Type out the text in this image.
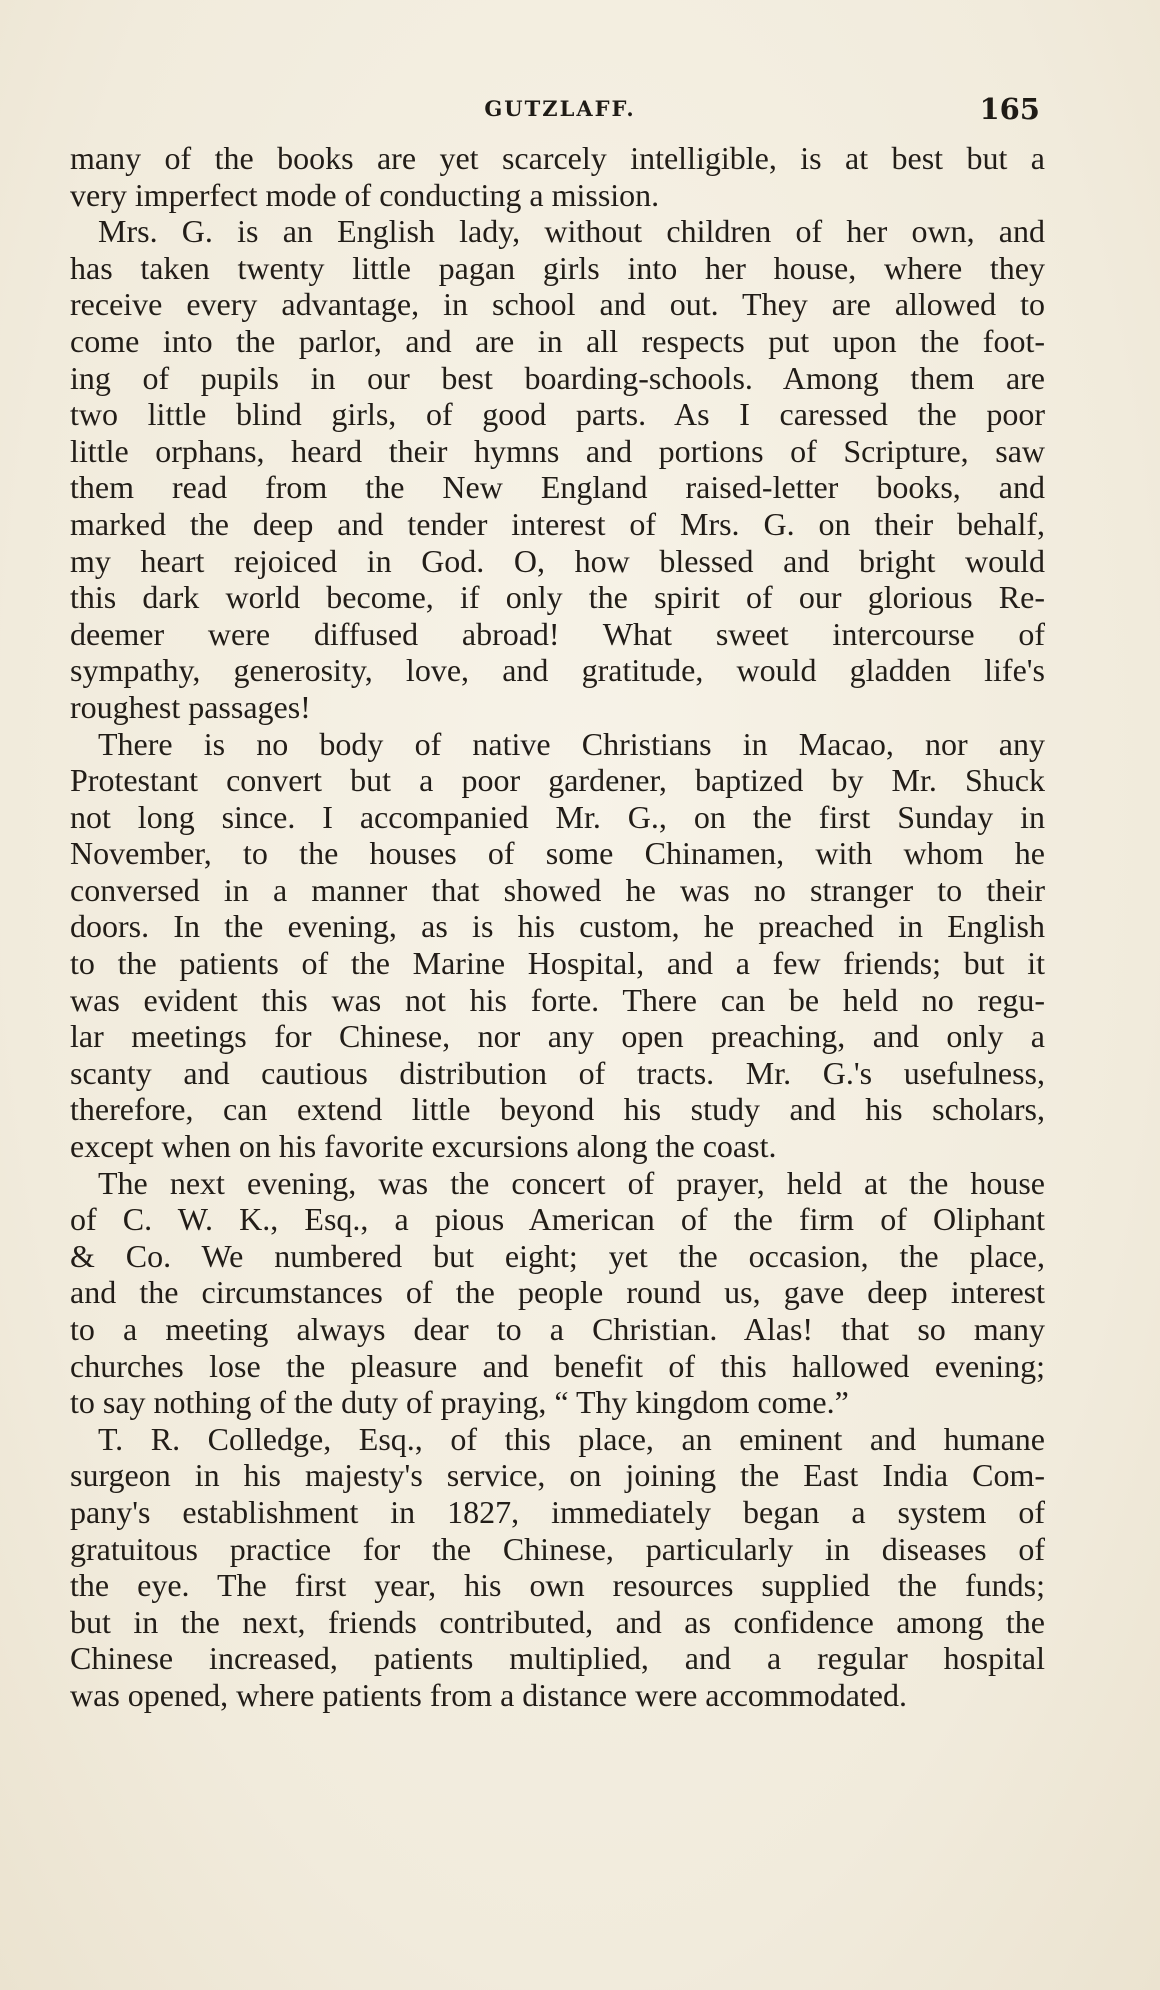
GUTZLAFF.	165
many of the books are yet scarcely intelligible, is at best but a
very imperfect mode of conducting a mission.
Mrs. G. is an English lady, without children of her own, and
has taken twenty little pagan girls into her house, where they
receive every advantage, in school and out. They are allowed to
come into the parlor, and are in all respects put upon the foot-
ing of pupils in our best boarding-schools. Among them are
two little blind girls, of good parts. As I caressed the poor
little orphans, heard their hymns and portions of Scripture, saw
them read from the New England raised-letter books, and
marked the deep and tender interest of Mrs. G. on their behalf,
my heart rejoiced in God. O, how blessed and bright would
this dark world become, if only the spirit of our glorious Re-
deemer were diffused abroad! What sweet intercourse of
sympathy, generosity, love, and gratitude, would gladden life's
roughest passages!
There is no body of native Christians in Macao, nor any
Protestant convert but a poor gardener, baptized by Mr. Shuck
not long since. I accompanied Mr. G., on the first Sunday in
November, to the houses of some Chinamen, with whom he
conversed in a manner that showed he was no stranger to their
doors. In the evening, as is his custom, he preached in English
to the patients of the Marine Hospital, and a few friends; but it
was evident this was not his forte. There can be held no regu-
lar meetings for Chinese, nor any open preaching, and only a
scanty and cautious distribution of tracts. Mr. G.'s usefulness,
therefore, can extend little beyond his study and his scholars,
except when on his favorite excursions along the coast.
The next evening, was the concert of prayer, held at the house
of C. W. K., Esq., a pious American of the firm of Oliphant
& Co. We numbered but eight; yet the occasion, the place,
and the circumstances of the people round us, gave deep interest
to a meeting always dear to a Christian. Alas! that so many
churches lose the pleasure and benefit of this hallowed evening;
to say nothing of the duty of praying, “ Thy kingdom come.”
T. R. Colledge, Esq., of this place, an eminent and humane
surgeon in his majesty's service, on joining the East India Com-
pany's establishment in 1827, immediately began a system of
gratuitous practice for the Chinese, particularly in diseases of
the eye. The first year, his own resources supplied the funds;
but in the next, friends contributed, and as confidence among the
Chinese increased, patients multiplied, and a regular hospital
was opened, where patients from a distance were accommodated.
